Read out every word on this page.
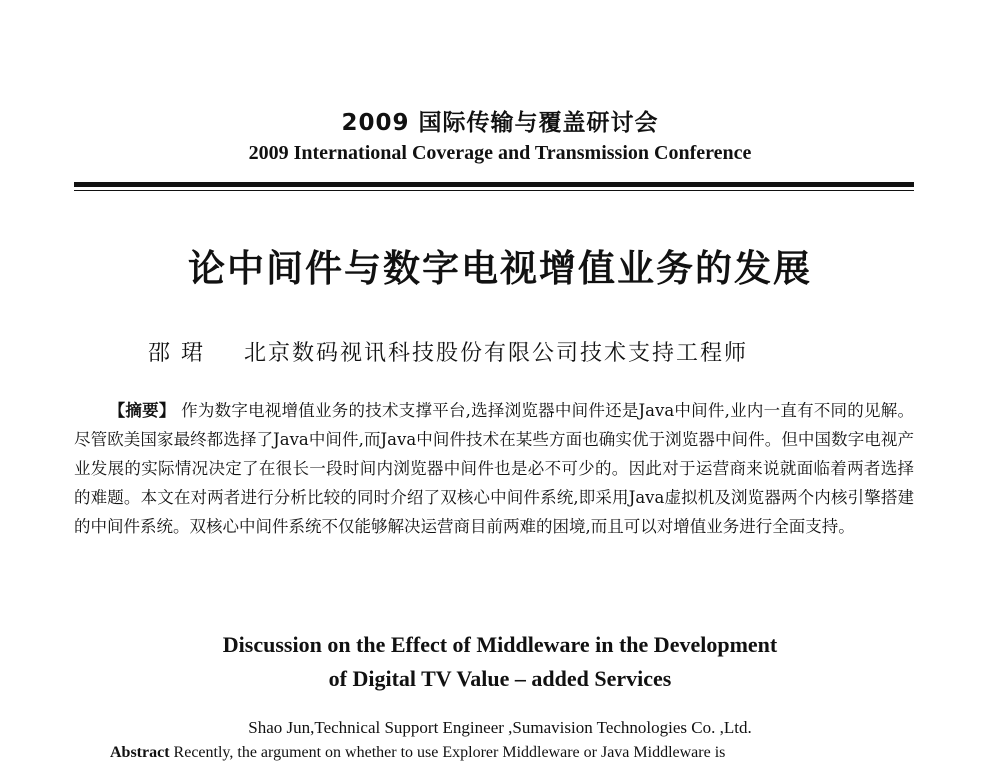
2009 国际传输与覆盖研讨会
2009 International Coverage and Transmission Conference
论中间件与数字电视增值业务的发展
邵 珺 北京数码视讯科技股份有限公司技术支持工程师
【摘要】 作为数字电视增值业务的技术支撑平台,选择浏览器中间件还是Java中间件,业内一直有不同的见解。尽管欧美国家最终都选择了Java中间件,而Java中间件技术在某些方面也确实优于浏览器中间件。但中国数字电视产业发展的实际情况决定了在很长一段时间内浏览器中间件也是必不可少的。因此对于运营商来说就面临着两者选择的难题。本文在对两者进行分析比较的同时介绍了双核心中间件系统,即采用Java虚拟机及浏览器两个内核引擎搭建的中间件系统。双核心中间件系统不仅能够解决运营商目前两难的困境,而且可以对增值业务进行全面支持。
Discussion on the Effect of Middleware in the Development
of Digital TV Value – added Services
Shao Jun,Technical Support Engineer ,Sumavision Technologies Co. ,Ltd.
Abstract Recently, the argument on whether to use Explorer Middleware or Java Middleware is
